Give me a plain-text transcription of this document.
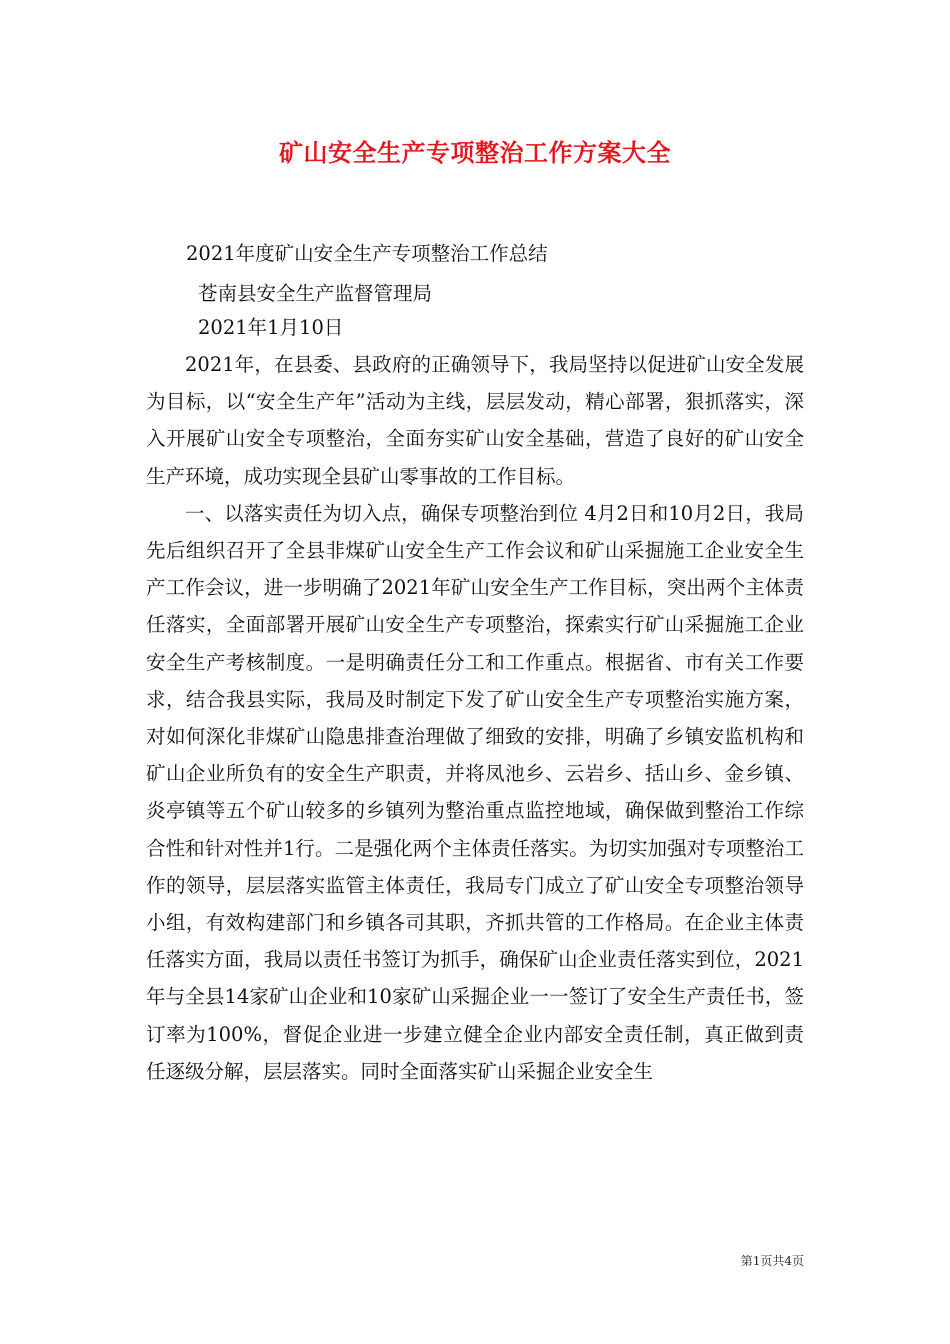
矿山安全生产专项整治工作方案大全
2021年度矿山安全生产专项整治工作总结
苍南县安全生产监督管理局
2021年1月10日

2021年，在县委、县政府的正确领导下，我局坚持以促进矿山安全发展为目标，以“安全生产年”活动为主线，层层发动，精心部署，狠抓落实，深入开展矿山安全专项整治，全面夯实矿山安全基础，营造了良好的矿山安全生产环境，成功实现全县矿山零事故的工作目标。

一、以落实责任为切入点，确保专项整治到位 4月2日和10月2日，我局先后组织召开了全县非煤矿山安全生产工作会议和矿山采掘施工企业安全生产工作会议，进一步明确了2021年矿山安全生产工作目标，突出两个主体责任落实，全面部署开展矿山安全生产专项整治，探索实行矿山采掘施工企业安全生产考核制度。一是明确责任分工和工作重点。根据省、市有关工作要求，结合我县实际，我局及时制定下发了矿山安全生产专项整治实施方案，对如何深化非煤矿山隐患排查治理做了细致的安排，明确了乡镇安监机构和矿山企业所负有的安全生产职责，并将凤池乡、云岩乡、括山乡、金乡镇、炎亭镇等五个矿山较多的乡镇列为整治重点监控地域，确保做到整治工作综合性和针对性并1行。二是强化两个主体责任落实。为切实加强对专项整治工作的领导，层层落实监管主体责任，我局专门成立了矿山安全专项整治领导小组，有效构建部门和乡镇各司其职，齐抓共管的工作格局。在企业主体责任落实方面，我局以责任书签订为抓手，确保矿山企业责任落实到位，2021年与全县14家矿山企业和10家矿山采掘企业一一签订了安全生产责任书，签订率为100%，督促企业进一步建立健全企业内部安全责任制，真正做到责任逐级分解，层层落实。同时全面落实矿山采掘企业安全生

第1页共4页
